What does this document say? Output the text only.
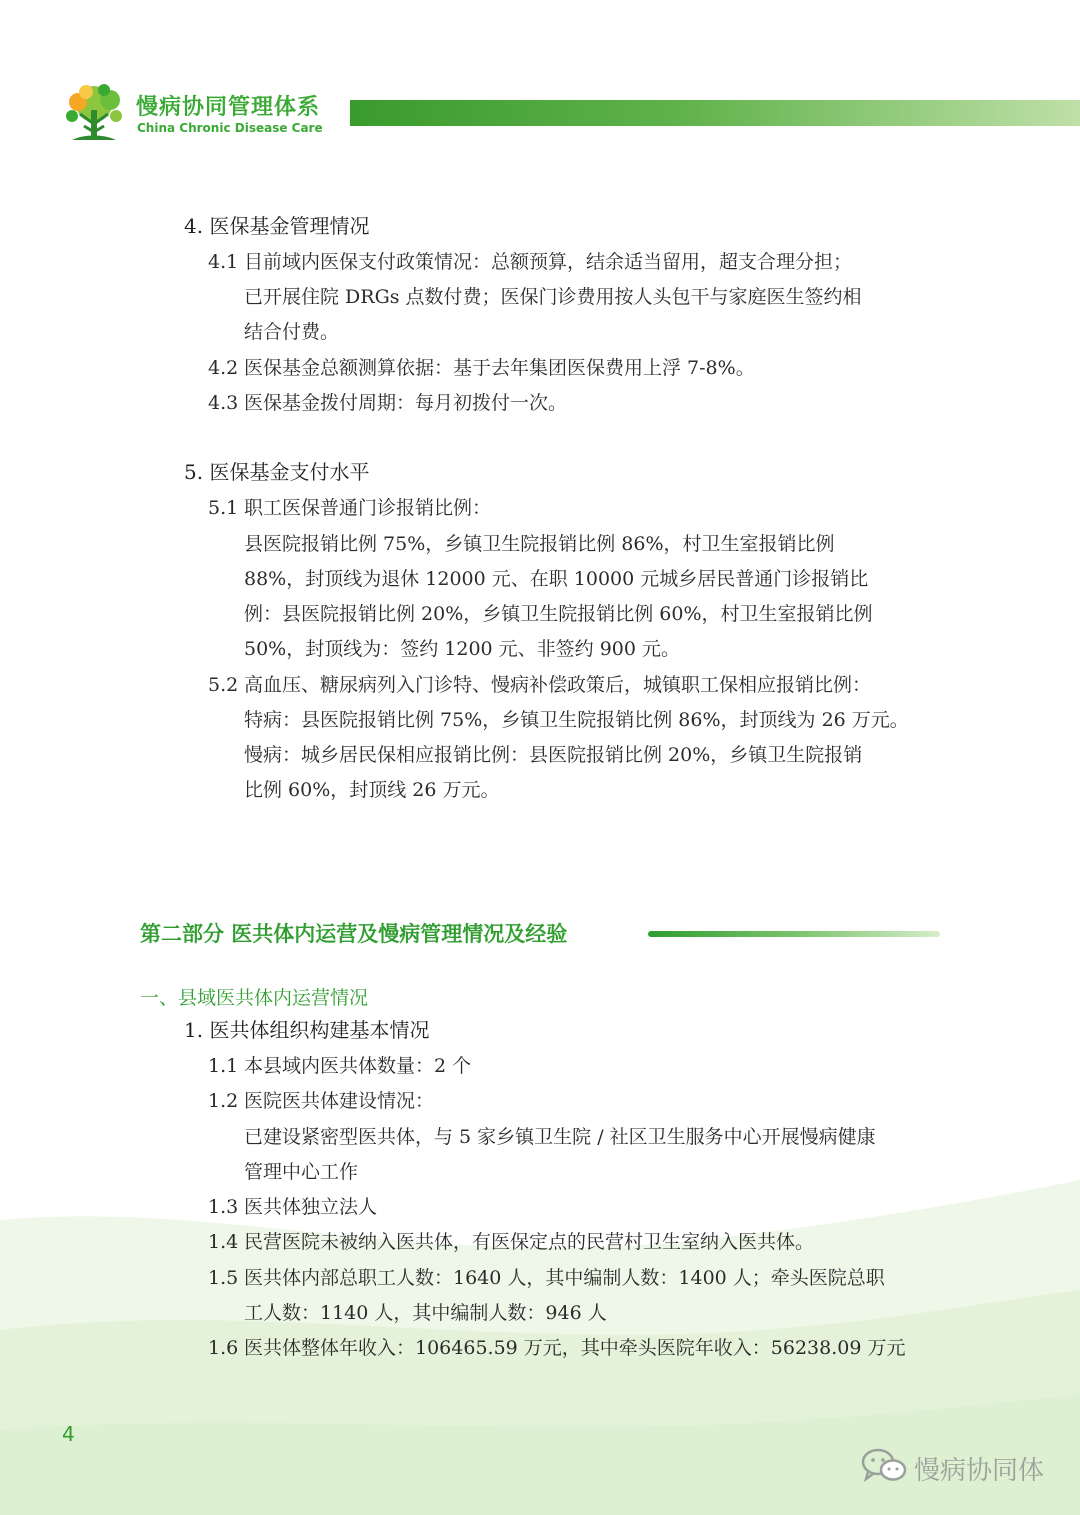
慢病协同管理体系

China Chronic Disease Care

4. 医保基金管理情况

4.1 目前域内医保支付政策情况：总额预算，结余适当留用，超支合理分担；

已开展住院 DRGs 点数付费；医保门诊费用按人头包干与家庭医生签约相

结合付费。

4.2 医保基金总额测算依据：基于去年集团医保费用上浮 7-8%。

4.3 医保基金拨付周期：每月初拨付一次。

5. 医保基金支付水平

5.1 职工医保普通门诊报销比例：

县医院报销比例 75%，乡镇卫生院报销比例 86%，村卫生室报销比例

88%，封顶线为退休 12000 元、在职 10000 元城乡居民普通门诊报销比

例：县医院报销比例 20%，乡镇卫生院报销比例 60%，村卫生室报销比例

50%，封顶线为：签约 1200 元、非签约 900 元。

5.2 高血压、糖尿病列入门诊特、慢病补偿政策后，城镇职工保相应报销比例：

特病：县医院报销比例 75%，乡镇卫生院报销比例 86%，封顶线为 26 万元。

慢病：城乡居民保相应报销比例：县医院报销比例 20%，乡镇卫生院报销

比例 60%，封顶线 26 万元。

第二部分 医共体内运营及慢病管理情况及经验

一、县域医共体内运营情况

1. 医共体组织构建基本情况

1.1 本县域内医共体数量：2 个

1.2 医院医共体建设情况：

已建设紧密型医共体，与 5 家乡镇卫生院 / 社区卫生服务中心开展慢病健康

管理中心工作

1.3 医共体独立法人

1.4 民营医院未被纳入医共体，有医保定点的民营村卫生室纳入医共体。

1.5 医共体内部总职工人数：1640 人，其中编制人数：1400 人；牵头医院总职

工人数：1140 人，其中编制人数：946 人

1.6 医共体整体年收入：106465.59 万元，其中牵头医院年收入：56238.09 万元

4

慢病协同体
